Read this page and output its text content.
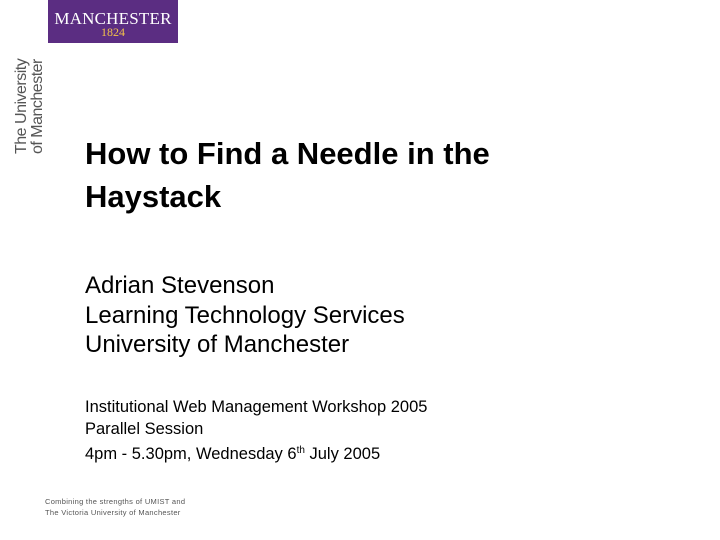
MANCHESTER
1824
The University of Manchester How to Find a Needle in the
Haystack
Adrian Stevenson
Learning Technology Services
University of Manchester
Institutional Web Management Workshop 2005
Parallel Session
4pm - 5.30pm, Wednesday 6th July 2005
Combining the strengths of UMIST and
The Victoria University of Manchester
